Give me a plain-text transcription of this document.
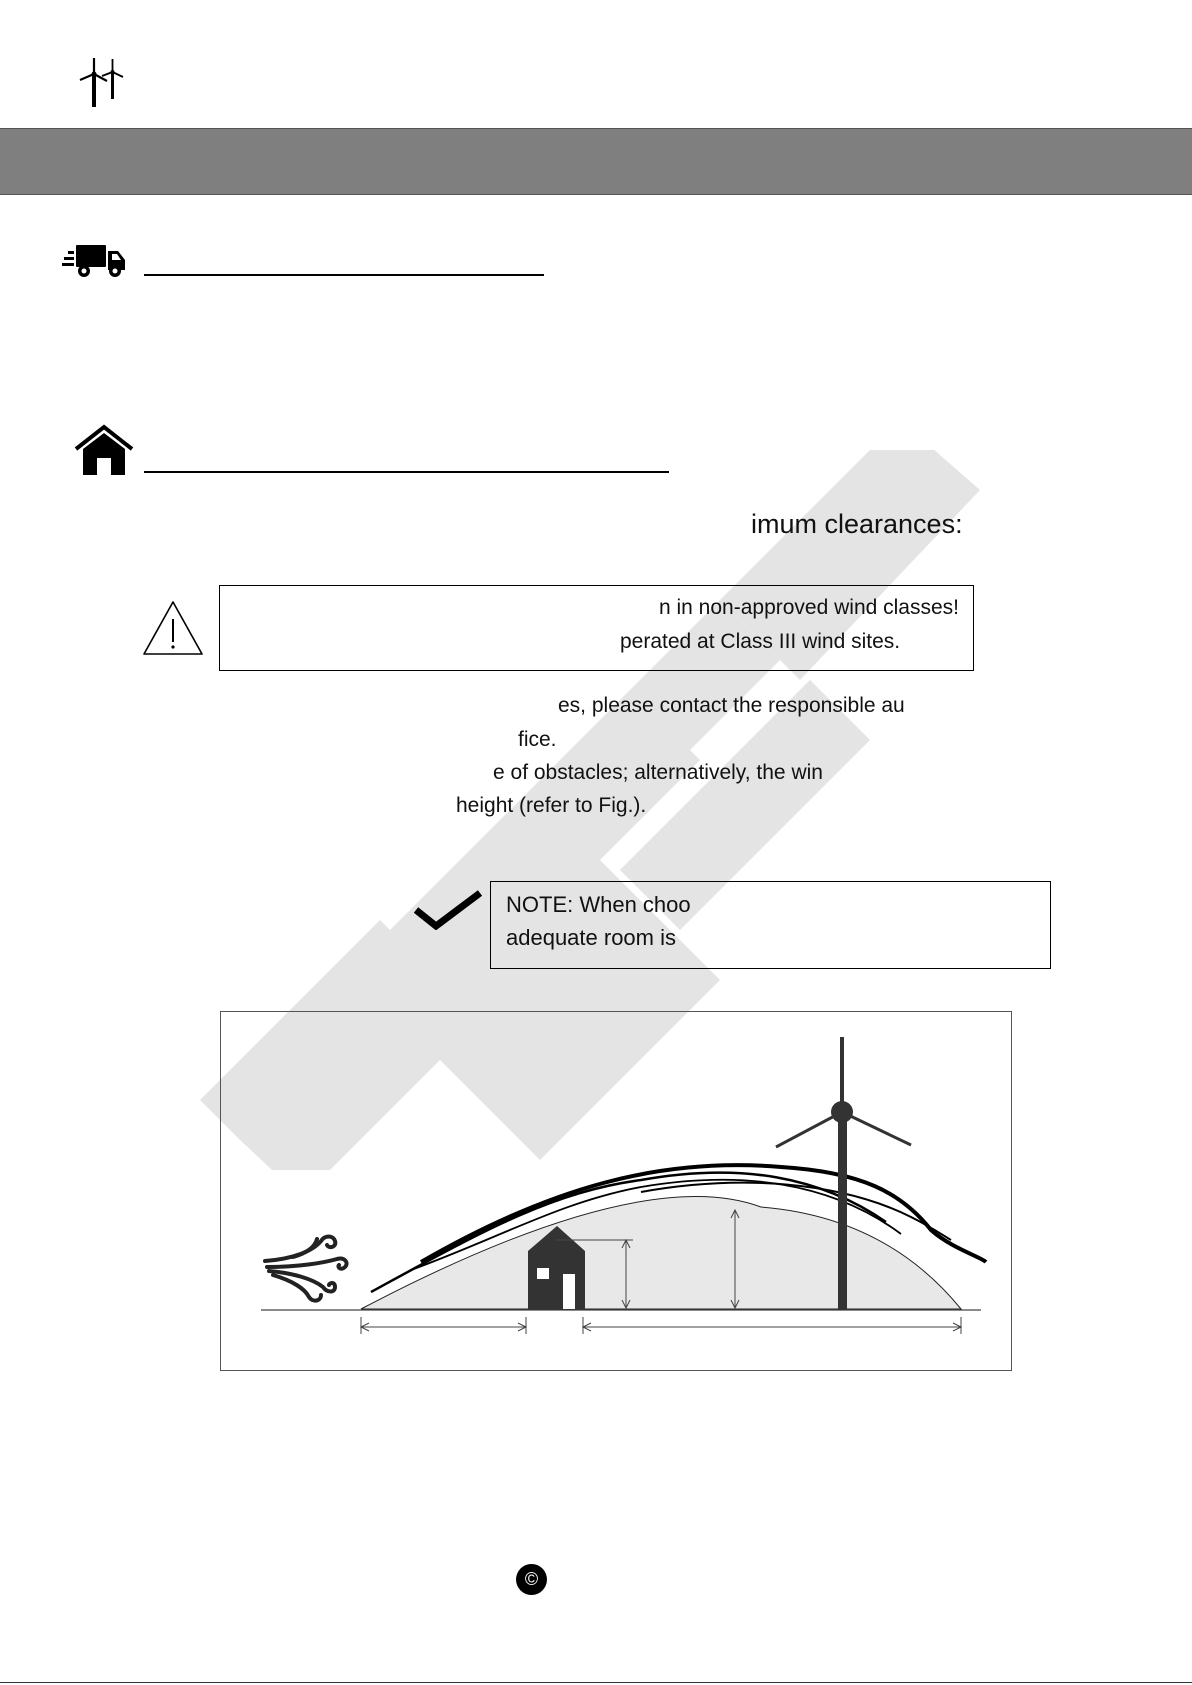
imum clearances:
n in non-approved wind classes!
perated at Class III wind sites.
es, please contact the responsible au
fice.
e of obstacles; alternatively, the win
height (refer to Fig.).
NOTE: When choo
adequate room is
©
